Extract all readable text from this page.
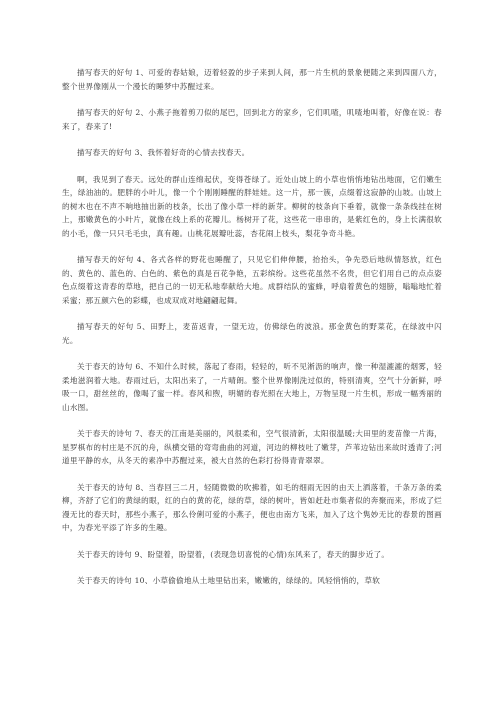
描写春天的好句 1、可爱的春姑娘，迈着轻盈的步子来到人间，那一片生机的景象便随之来到四面八方，整个世界像刚从一个漫长的睡梦中苏醒过来。

描写春天的好句 2、小燕子拖着剪刀似的尾巴，回到北方的家乡，它们叽喳，叽喳地叫着，好像在说：春来了，春来了!

描写春天的好句 3、我怀着好奇的心情去找春天。

啊，我见到了春天。远处的群山连绵起伏，变得苍绿了。近处山坡上的小草也悄悄地钻出地面，它们嫩生生，绿油油的。肥胖的小叶儿，像一个个刚刚睡醒的胖娃娃。这一片，那一簇，点缀着这寂静的山坡。山坡上的树木也在不声不响地抽出新的枝条，长出了像小草一样的新芽。柳树的枝条向下垂着，就像一条条线挂在树上，那嫩黄色的小叶片，就像在线上系的花瓣儿。杨树开了花，这些花一串串的，是紫红色的，身上长满很软的小毛，像一只只毛毛虫，真有趣。山桃花展瓣吐蕊，杏花闹上枝头，梨花争奇斗艳。

描写春天的好句 4、各式各样的野花也睡醒了，只见它们伸伸腰，抬抬头，争先恐后地纵情怒放，红色的、黄色的、蓝色的、白色的、紫色的真是百花争艳，五彩缤纷。这些花虽然不名贵，但它们用自己的点点姿色点缀着这青春的草地，把自己的一切无私地奉献给大地。成群结队的蜜蜂，呼扇着黄色的翅膀，嗡嗡地忙着采蜜；那五颜六色的彩蝶，也成双成对地翩翩起舞。

描写春天的好句 5、田野上，麦苗返青，一望无边，仿佛绿色的波浪。那金黄色的野菜花，在绿波中闪光。

关于春天的诗句 6、不知什么时候，落起了春雨，轻轻的，听不见淅沥的响声，像一种湿漉漉的烟雾，轻柔地滋润着大地。春雨过后，太阳出来了，一片晴朗。整个世界像刚洗过似的，特别清爽，空气十分新鲜，呼吸一口，甜丝丝的，像喝了蜜一样。春风和煦，明媚的春光照在大地上，万物呈现一片生机，形成一幅秀丽的山水图。

关于春天的诗句 7、春天的江南是美丽的，风很柔和，空气很清新，太阳很温暖;大田里的麦苗像一片海，星罗棋布的村庄是不沉的舟，纵横交错的弯弯曲曲的河道，河边的柳枝吐了嫩芽，芦苇边钻出来故时透青了;河道里平静的水，从冬天的素净中苏醒过来，被大自然的色彩打扮得青青翠翠。

关于春天的诗句 8、当春回三二月，轻随微微的吹拂着，如毛的细雨无因的由天上洒落着，千条万条的柔柳，齐舒了它们的黄绿的眼，红的白的黄的花，绿的草，绿的树叶，皆如赶赴市集者似的奔聚而来，形成了烂漫无比的春天时，那些小燕子，那么伶俐可爱的小燕子，便也由南方飞来，加入了这个隽妙无比的春景的图画中，为春光平添了许多的生趣。

关于春天的诗句 9、盼望着，盼望着，(表现急切喜悦的心情)东风来了，春天的脚步近了。

关于春天的诗句 10、小草偷偷地从土地里钻出来，嫩嫩的，绿绿的。风轻悄悄的，草软
